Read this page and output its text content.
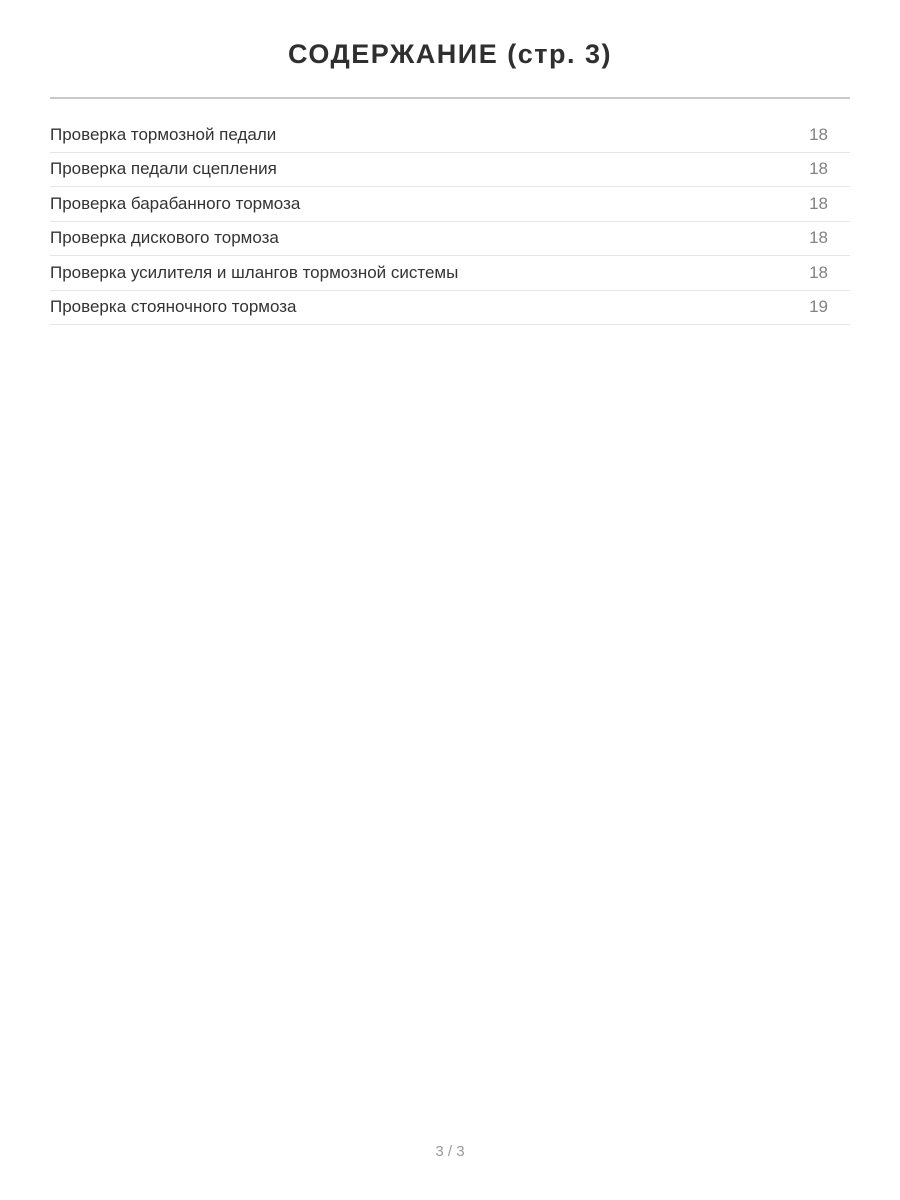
СОДЕРЖАНИЕ (стр. 3)
Проверка тормозной педали	18
Проверка педали сцепления	18
Проверка барабанного тормоза	18
Проверка дискового тормоза	18
Проверка усилителя и шлангов тормозной системы	18
Проверка стояночного тормоза	19
3 / 3
